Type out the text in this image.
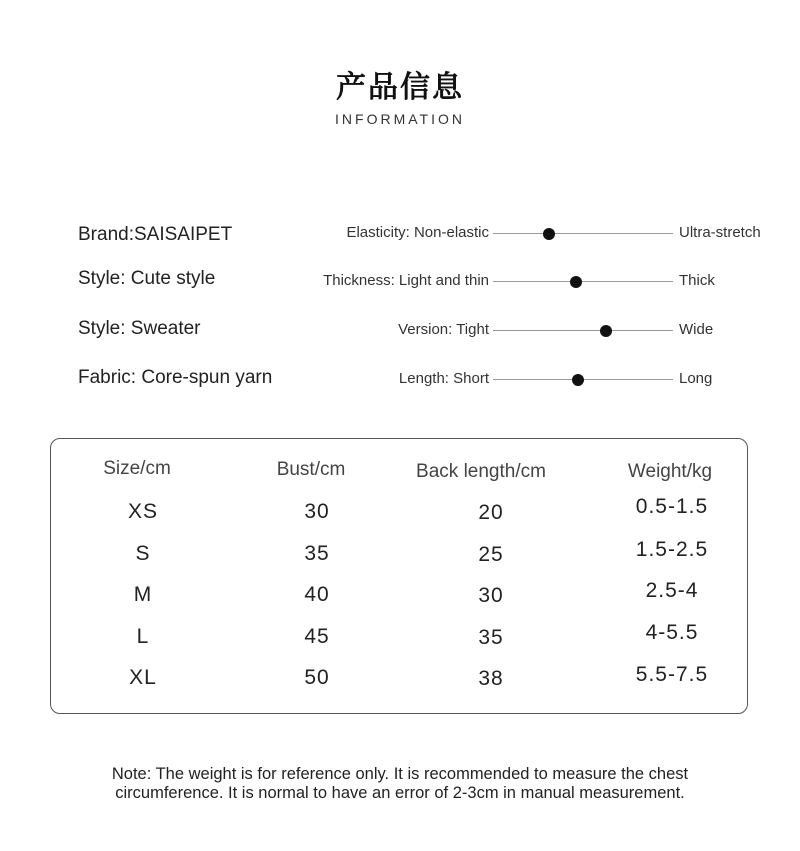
产品信息
INFORMATION
Brand:SAISAIPET
Style: Cute style
Style: Sweater
Fabric: Core-spun yarn
Elasticity: Non-elastic	Ultra-stretch
Thickness: Light and thin	Thick
Version: Tight	Wide
Length: Short	Long
Size/cm	Bust/cm	Back length/cm	Weight/kg
XS	30	20	0.5-1.5
S	35	25	1.5-2.5
M	40	30	2.5-4
L	45	35	4-5.5
XL	50	38	5.5-7.5
Note: The weight is for reference only. It is recommended to measure the chest
circumference. It is normal to have an error of 2-3cm in manual measurement.
